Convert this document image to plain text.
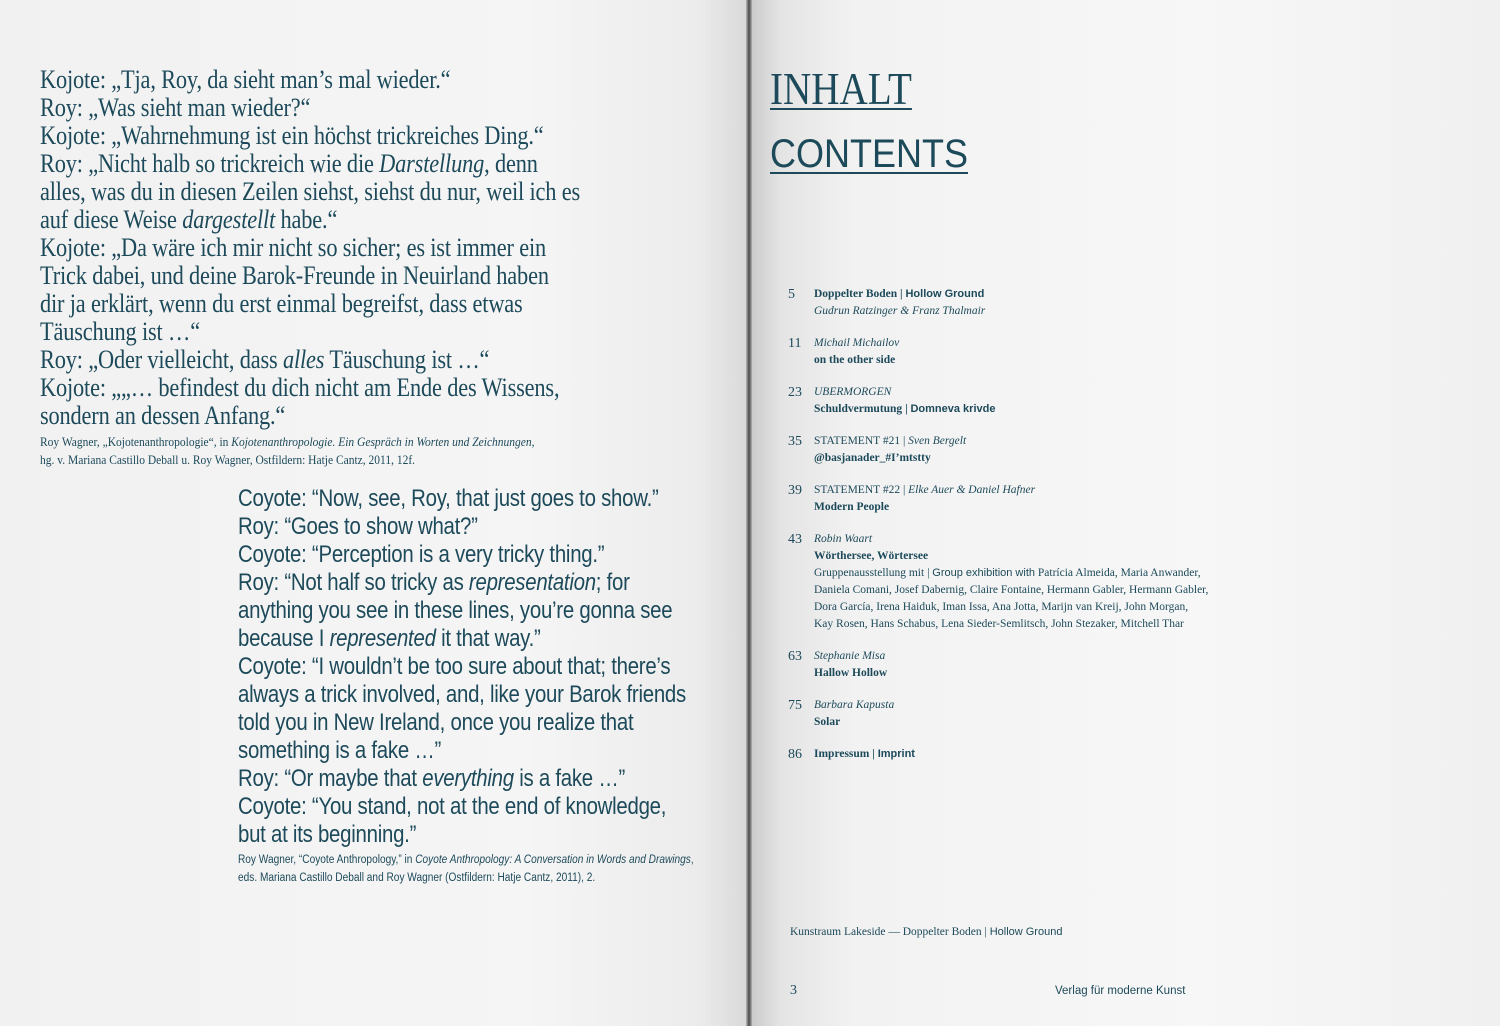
Kojote: „Tja, Roy, da sieht man’s mal wieder.“
Roy: „Was sieht man wieder?“
Kojote: „Wahrnehmung ist ein höchst trickreiches Ding.“
Roy: „Nicht halb so trickreich wie die Darstellung, denn
alles, was du in diesen Zeilen siehst, siehst du nur, weil ich es
auf diese Weise dargestellt habe.“
Kojote: „Da wäre ich mir nicht so sicher; es ist immer ein
Trick dabei, und deine Barok-Freunde in Neuirland haben
dir ja erklärt, wenn du erst einmal begreifst, dass etwas
Täuschung ist …“
Roy: „Oder vielleicht, dass alles Täuschung ist …“
Kojote: „„… befindest du dich nicht am Ende des Wissens,
sondern an dessen Anfang.“
Roy Wagner, „Kojotenanthropologie“, in Kojotenanthropologie. Ein Gespräch in Worten und Zeichnungen,
hg. v. Mariana Castillo Deball u. Roy Wagner, Ostfildern: Hatje Cantz, 2011, 12f.
Coyote: “Now, see, Roy, that just goes to show.”
Roy: “Goes to show what?”
Coyote: “Perception is a very tricky thing.”
Roy: “Not half so tricky as representation; for
anything you see in these lines, you’re gonna see
because I represented it that way.”
Coyote: “I wouldn’t be too sure about that; there’s
always a trick involved, and, like your Barok friends
told you in New Ireland, once you realize that
something is a fake …”
Roy: “Or maybe that everything is a fake …”
Coyote: “You stand, not at the end of knowledge,
but at its beginning.”
Roy Wagner, “Coyote Anthropology,” in Coyote Anthropology: A Conversation in Words and Drawings,
eds. Mariana Castillo Deball and Roy Wagner (Ostfildern: Hatje Cantz, 2011), 2.
INHALT
CONTENTS
5	Doppelter Boden | Hollow Ground
Gudrun Ratzinger & Franz Thalmair
11	Michail Michailov
on the other side
23	UBERMORGEN
Schuldvermutung | Domneva krivde
35	STATEMENT #21 | Sven Bergelt
@basjanader_#I’mtstty
39	STATEMENT #22 | Elke Auer & Daniel Hafner
Modern People
43	Robin Waart
Wörthersee, Wörtersee
Gruppenausstellung mit | Group exhibition with Patrícia Almeida, Maria Anwander,
Daniela Comani, Josef Dabernig, Claire Fontaine, Hermann Gabler, Hermann Gabler,
Dora García, Irena Haiduk, Iman Issa, Ana Jotta, Marijn van Kreij, John Morgan,
Kay Rosen, Hans Schabus, Lena Sieder-Semlitsch, John Stezaker, Mitchell Thar
63	Stephanie Misa
Hallow Hollow
75	Barbara Kapusta
Solar
86	Impressum | Imprint
Kunstraum Lakeside — Doppelter Boden | Hollow Ground
3	Verlag für moderne Kunst
